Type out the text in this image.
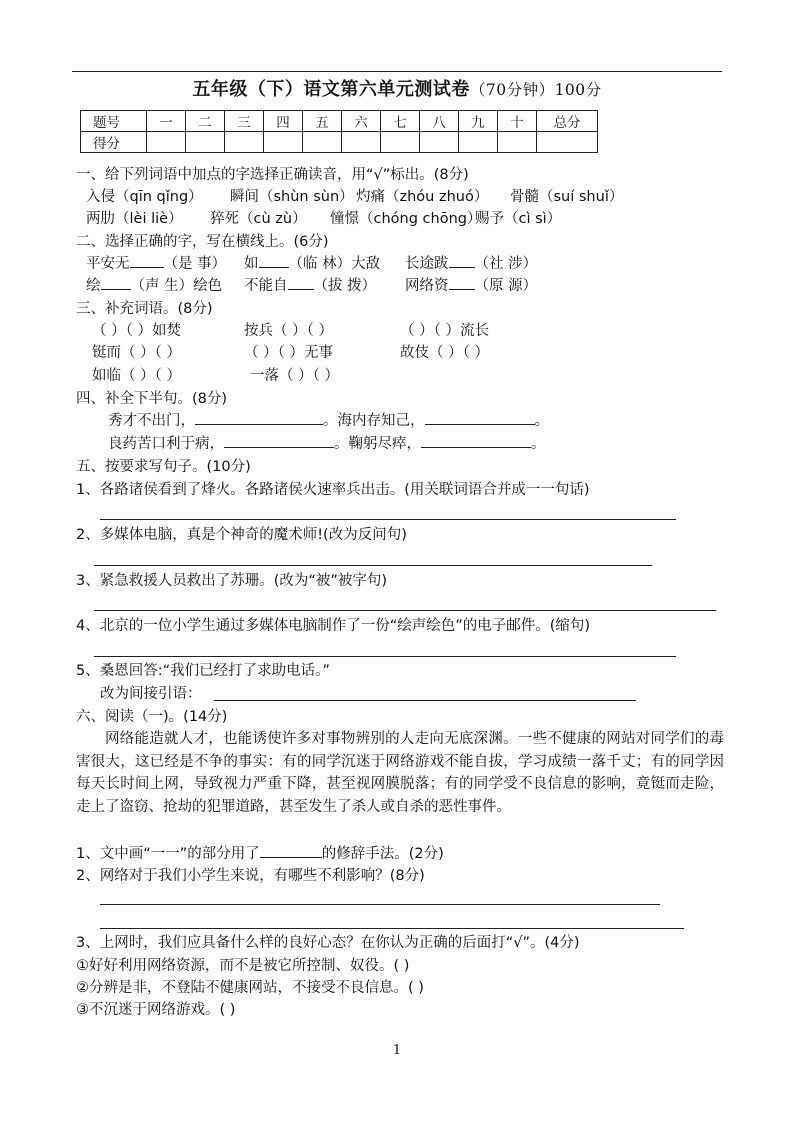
五年级（下）语文第六单元测试卷（70分钟）100分
题号	一	二	三	四	五	六	七	八	九	十	总分
得分											
一、给下列词语中加点的字选择正确读音，用“√”标出。(8分)
入侵（qīn qǐng） 瞬间（shùn sùn） 灼痛（zhóu zhuó） 骨髓（suí shuǐ）
两肋（lèi liè） 猝死（cù zù） 憧憬（chóng chōng）
赐予（cì sì）
二、选择正确的字，写在横线上。(6分)
平安无 （是 事） 如 （临 林）大敌 长途跋 （社 涉）
绘 （声 生）绘色 不能自 （拔 拨） 网络资 （原 源）
三、补充词语。(8分)
（ ）（ ）如焚	按兵（ ）（ ）	（ ）（ ）流长
铤而（ ）（ ）	（ ）（ ）无事	故伎（ ）（ ）
如临（ ）（ ）	一落（ ）（ ）
四、补全下半句。(8分)
秀才不出门，	。海内存知己，	。
良药苦口利于病，	。鞠躬尽瘁，	。
五、按要求写句子。(10分)
1、各路诸侯看到了烽火。各路诸侯火速率兵出击。(用关联词语合并成一一句话)
2、多媒体电脑，真是个神奇的魔术师!(改为反问句)
3、紧急救援人员救出了苏珊。(改为“被”被字句)
4、北京的一位小学生通过多媒体电脑制作了一份“绘声绘色”的电子邮件。(缩句)
5、桑恩回答:“我们已经打了求助电话。”
改为间接引语：
六、阅读（一)。(14分)
网络能造就人才，也能诱使许多对事物辨别的人走向无底深渊。一些不健康的网站对同学们的毒害很大，这已经是不争的事实：有的同学沉迷于网络游戏不能自拔，学习成绩一落千丈；有的同学因每天长时间上网，导致视力严重下降，甚至视网膜脱落；有的同学受不良信息的影响，竟铤而走险，走上了盗窃、抢劫的犯罪道路，甚至发生了杀人或自杀的恶性事件。
1、文中画“一一”的部分用了	的修辞手法。(2分)
2、网络对于我们小学生来说，有哪些不利影响？(8分)
3、上网时，我们应具备什么样的良好心态？在你认为正确的后面打“√”。(4分)
①好好利用网络资源，而不是被它所控制、奴役。( )
②分辨是非，不登陆不健康网站，不接受不良信息。( )
③不沉迷于网络游戏。( )
1
